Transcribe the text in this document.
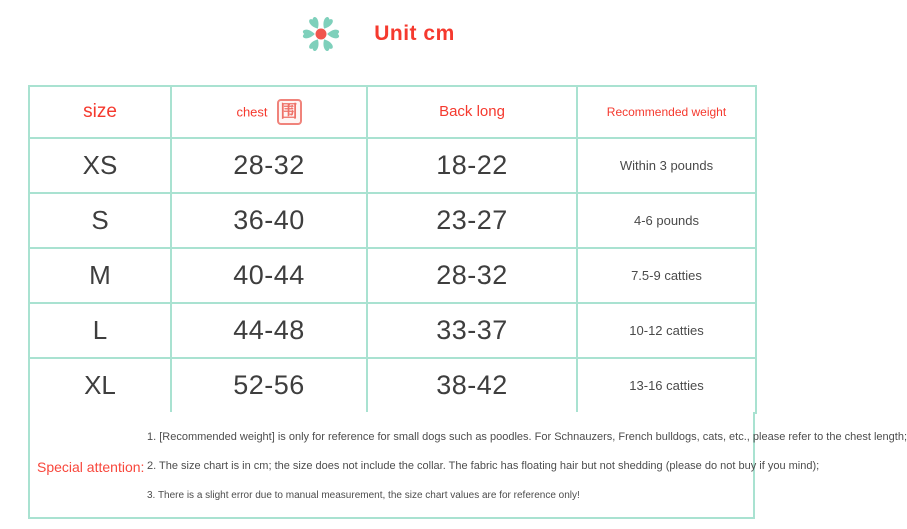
Unit cm
size	chest 围	Back long	Recommended weight
XS	28-32	18-22	Within 3 pounds
S	36-40	23-27	4-6 pounds
M	40-44	28-32	7.5-9 catties
L	44-48	33-37	10-12 catties
XL	52-56	38-42	13-16 catties
Special attention:

1. [Recommended weight] is only for reference for small dogs such as poodles. For Schnauzers, French bulldogs, cats, etc., please refer to the chest length;

2. The size chart is in cm; the size does not include the collar. The fabric has floating hair but not shedding (please do not buy if you mind);

3. There is a slight error due to manual measurement, the size chart values are for reference only!
